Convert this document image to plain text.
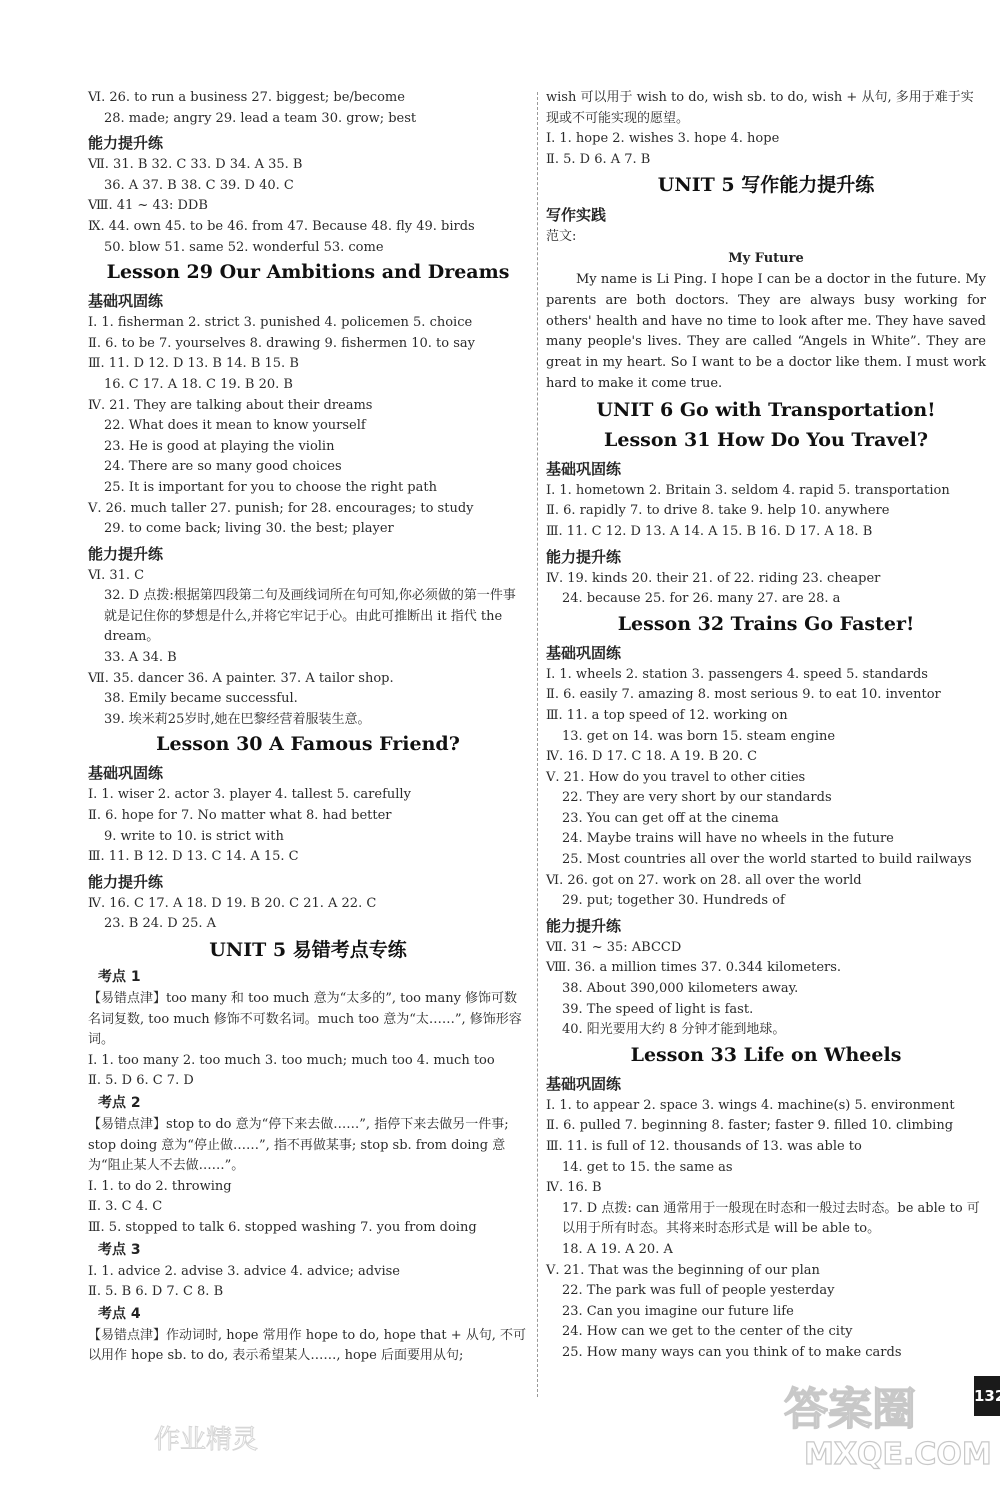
Ⅵ. 26. to run a business 27. biggest; be/become
28. made; angry 29. lead a team 30. grow; best
能力提升练
Ⅶ. 31. B 32. C 33. D 34. A 35. B
36. A 37. B 38. C 39. D 40. C
Ⅷ. 41 ~ 43: DDB
Ⅸ. 44. own 45. to be 46. from 47. Because 48. fly 49. birds
50. blow 51. same 52. wonderful 53. come
Lesson 29 Our Ambitions and Dreams
基础巩固练
Ⅰ. 1. fisherman 2. strict 3. punished 4. policemen 5. choice
Ⅱ. 6. to be 7. yourselves 8. drawing 9. fishermen 10. to say
Ⅲ. 11. D 12. D 13. B 14. B 15. B
16. C 17. A 18. C 19. B 20. B
Ⅳ. 21. They are talking about their dreams
22. What does it mean to know yourself
23. He is good at playing the violin
24. There are so many good choices
25. It is important for you to choose the right path
Ⅴ. 26. much taller 27. punish; for 28. encourages; to study
29. to come back; living 30. the best; player
能力提升练
Ⅵ. 31. C
32. D 点拨:根据第四段第二句及画线词所在句可知,你必须做的第一件事就是记住你的梦想是什么,并将它牢记于心。由此可推断出 it 指代 the dream。
33. A 34. B
Ⅶ. 35. dancer 36. A painter. 37. A tailor shop.
38. Emily became successful.
39. 埃米莉25岁时,她在巴黎经营着服装生意。
Lesson 30 A Famous Friend?
基础巩固练
Ⅰ. 1. wiser 2. actor 3. player 4. tallest 5. carefully
Ⅱ. 6. hope for 7. No matter what 8. had better
9. write to 10. is strict with
Ⅲ. 11. B 12. D 13. C 14. A 15. C
能力提升练
Ⅳ. 16. C 17. A 18. D 19. B 20. C 21. A 22. C
23. B 24. D 25. A
UNIT 5 易错考点专练
考点 1
【易错点津】too many 和 too much 意为“太多的”, too many 修饰可数名词复数, too much 修饰不可数名词。much too 意为“太……”, 修饰形容词。
Ⅰ. 1. too many 2. too much 3. too much; much too 4. much too
Ⅱ. 5. D 6. C 7. D
考点 2
【易错点津】stop to do 意为“停下来去做……”, 指停下来去做另一件事; stop doing 意为“停止做……”, 指不再做某事; stop sb. from doing 意为“阻止某人不去做……”。
Ⅰ. 1. to do 2. throwing
Ⅱ. 3. C 4. C
Ⅲ. 5. stopped to talk 6. stopped washing 7. you from doing
考点 3
Ⅰ. 1. advice 2. advise 3. advice 4. advice; advise
Ⅱ. 5. B 6. D 7. C 8. B
考点 4
【易错点津】作动词时, hope 常用作 hope to do, hope that + 从句, 不可以用作 hope sb. to do, 表示希望某人……, hope 后面要用从句;
wish 可以用于 wish to do, wish sb. to do, wish + 从句, 多用于难于实现或不可能实现的愿望。
Ⅰ. 1. hope 2. wishes 3. hope 4. hope
Ⅱ. 5. D 6. A 7. B
UNIT 5 写作能力提升练
写作实践
范文:
My Future
My name is Li Ping. I hope I can be a doctor in the future. My parents are both doctors. They are always busy working for others' health and have no time to look after me. They have saved many people's lives. They are called “Angels in White”. They are great in my heart. So I want to be a doctor like them. I must work hard to make it come true.
UNIT 6 Go with Transportation!
Lesson 31 How Do You Travel?
基础巩固练
Ⅰ. 1. hometown 2. Britain 3. seldom 4. rapid 5. transportation
Ⅱ. 6. rapidly 7. to drive 8. take 9. help 10. anywhere
Ⅲ. 11. C 12. D 13. A 14. A 15. B 16. D 17. A 18. B
能力提升练
Ⅳ. 19. kinds 20. their 21. of 22. riding 23. cheaper
24. because 25. for 26. many 27. are 28. a
Lesson 32 Trains Go Faster!
基础巩固练
Ⅰ. 1. wheels 2. station 3. passengers 4. speed 5. standards
Ⅱ. 6. easily 7. amazing 8. most serious 9. to eat 10. inventor
Ⅲ. 11. a top speed of 12. working on
13. get on 14. was born 15. steam engine
Ⅳ. 16. D 17. C 18. A 19. B 20. C
Ⅴ. 21. How do you travel to other cities
22. They are very short by our standards
23. You can get off at the cinema
24. Maybe trains will have no wheels in the future
25. Most countries all over the world started to build railways
Ⅵ. 26. got on 27. work on 28. all over the world
29. put; together 30. Hundreds of
能力提升练
Ⅶ. 31 ~ 35: ABCCD
Ⅷ. 36. a million times 37. 0.344 kilometers.
38. About 390,000 kilometers away.
39. The speed of light is fast.
40. 阳光要用大约 8 分钟才能到地球。
Lesson 33 Life on Wheels
基础巩固练
Ⅰ. 1. to appear 2. space 3. wings 4. machine(s) 5. environment
Ⅱ. 6. pulled 7. beginning 8. faster; faster 9. filled 10. climbing
Ⅲ. 11. is full of 12. thousands of 13. was able to
14. get to 15. the same as
Ⅳ. 16. B
17. D 点拨: can 通常用于一般现在时态和一般过去时态。be able to 可以用于所有时态。其将来时态形式是 will be able to。
18. A 19. A 20. A
Ⅴ. 21. That was the beginning of our plan
22. The park was full of people yesterday
23. Can you imagine our future life
24. How can we get to the center of the city
25. How many ways can you think of to make cards
答案圈
MXQE.COM
作业精灵
132
